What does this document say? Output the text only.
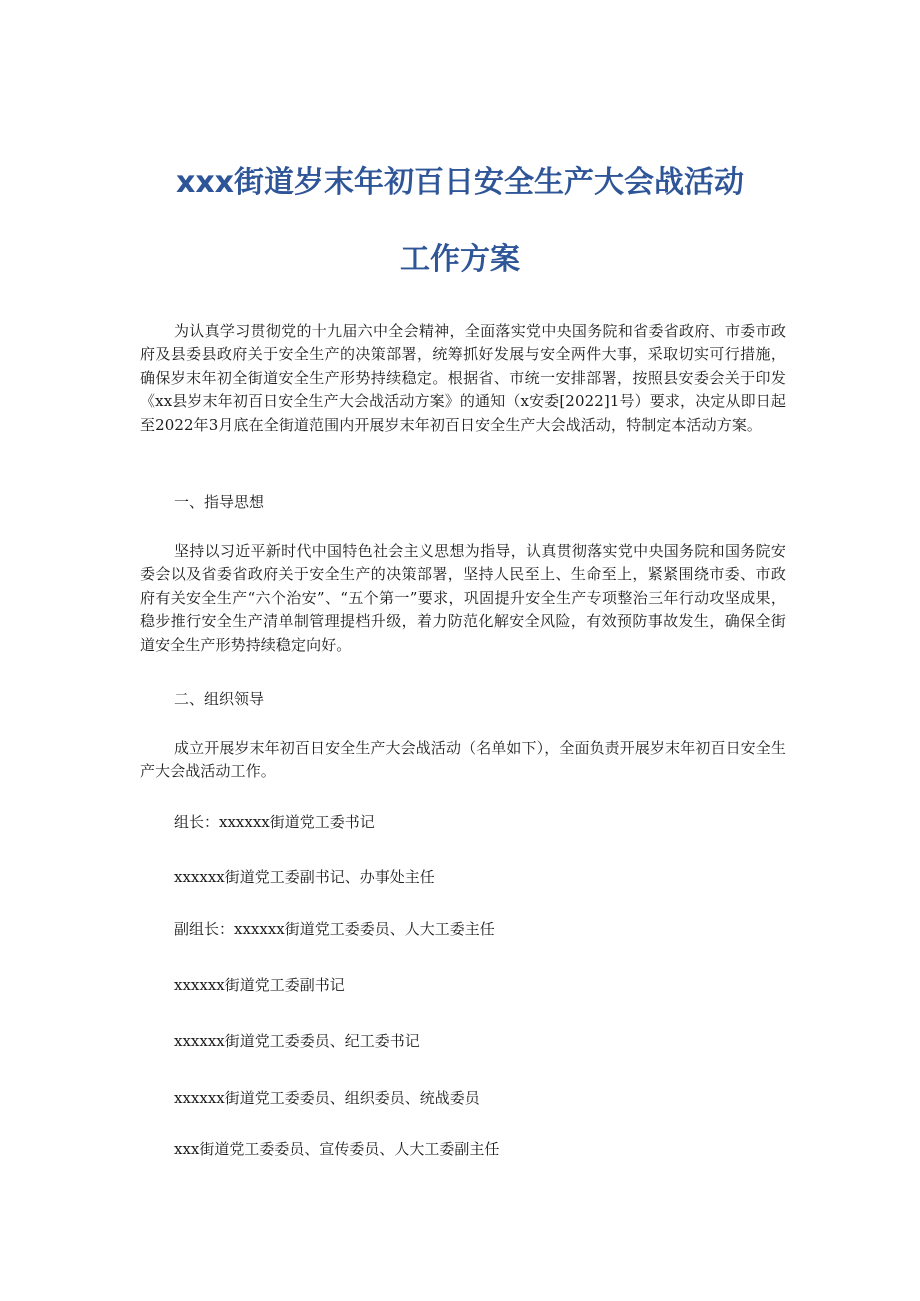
xxx街道岁末年初百日安全生产大会战活动
工作方案

为认真学习贯彻党的十九届六中全会精神，全面落实党中央国务院和省委省政府、市委市政府及县委县政府关于安全生产的决策部署，统筹抓好发展与安全两件大事，采取切实可行措施，确保岁末年初全街道安全生产形势持续稳定。根据省、市统一安排部署，按照县安委会关于印发《xx县岁末年初百日安全生产大会战活动方案》的通知（x安委[2022]1号）要求，决定从即日起至2022年3月底在全街道范围内开展岁末年初百日安全生产大会战活动，特制定本活动方案。

一、指导思想

坚持以习近平新时代中国特色社会主义思想为指导，认真贯彻落实党中央国务院和国务院安委会以及省委省政府关于安全生产的决策部署，坚持人民至上、生命至上，紧紧围绕市委、市政府有关安全生产“六个治安”、“五个第一”要求，巩固提升安全生产专项整治三年行动攻坚成果，稳步推行安全生产清单制管理提档升级，着力防范化解安全风险，有效预防事故发生，确保全街道安全生产形势持续稳定向好。

二、组织领导

成立开展岁末年初百日安全生产大会战活动（名单如下），全面负责开展岁末年初百日安全生产大会战活动工作。

组长：xxxxxx街道党工委书记
xxxxxx街道党工委副书记、办事处主任
副组长：xxxxxx街道党工委委员、人大工委主任
xxxxxx街道党工委副书记
xxxxxx街道党工委委员、纪工委书记
xxxxxx街道党工委委员、组织委员、统战委员
xxx街道党工委委员、宣传委员、人大工委副主任
